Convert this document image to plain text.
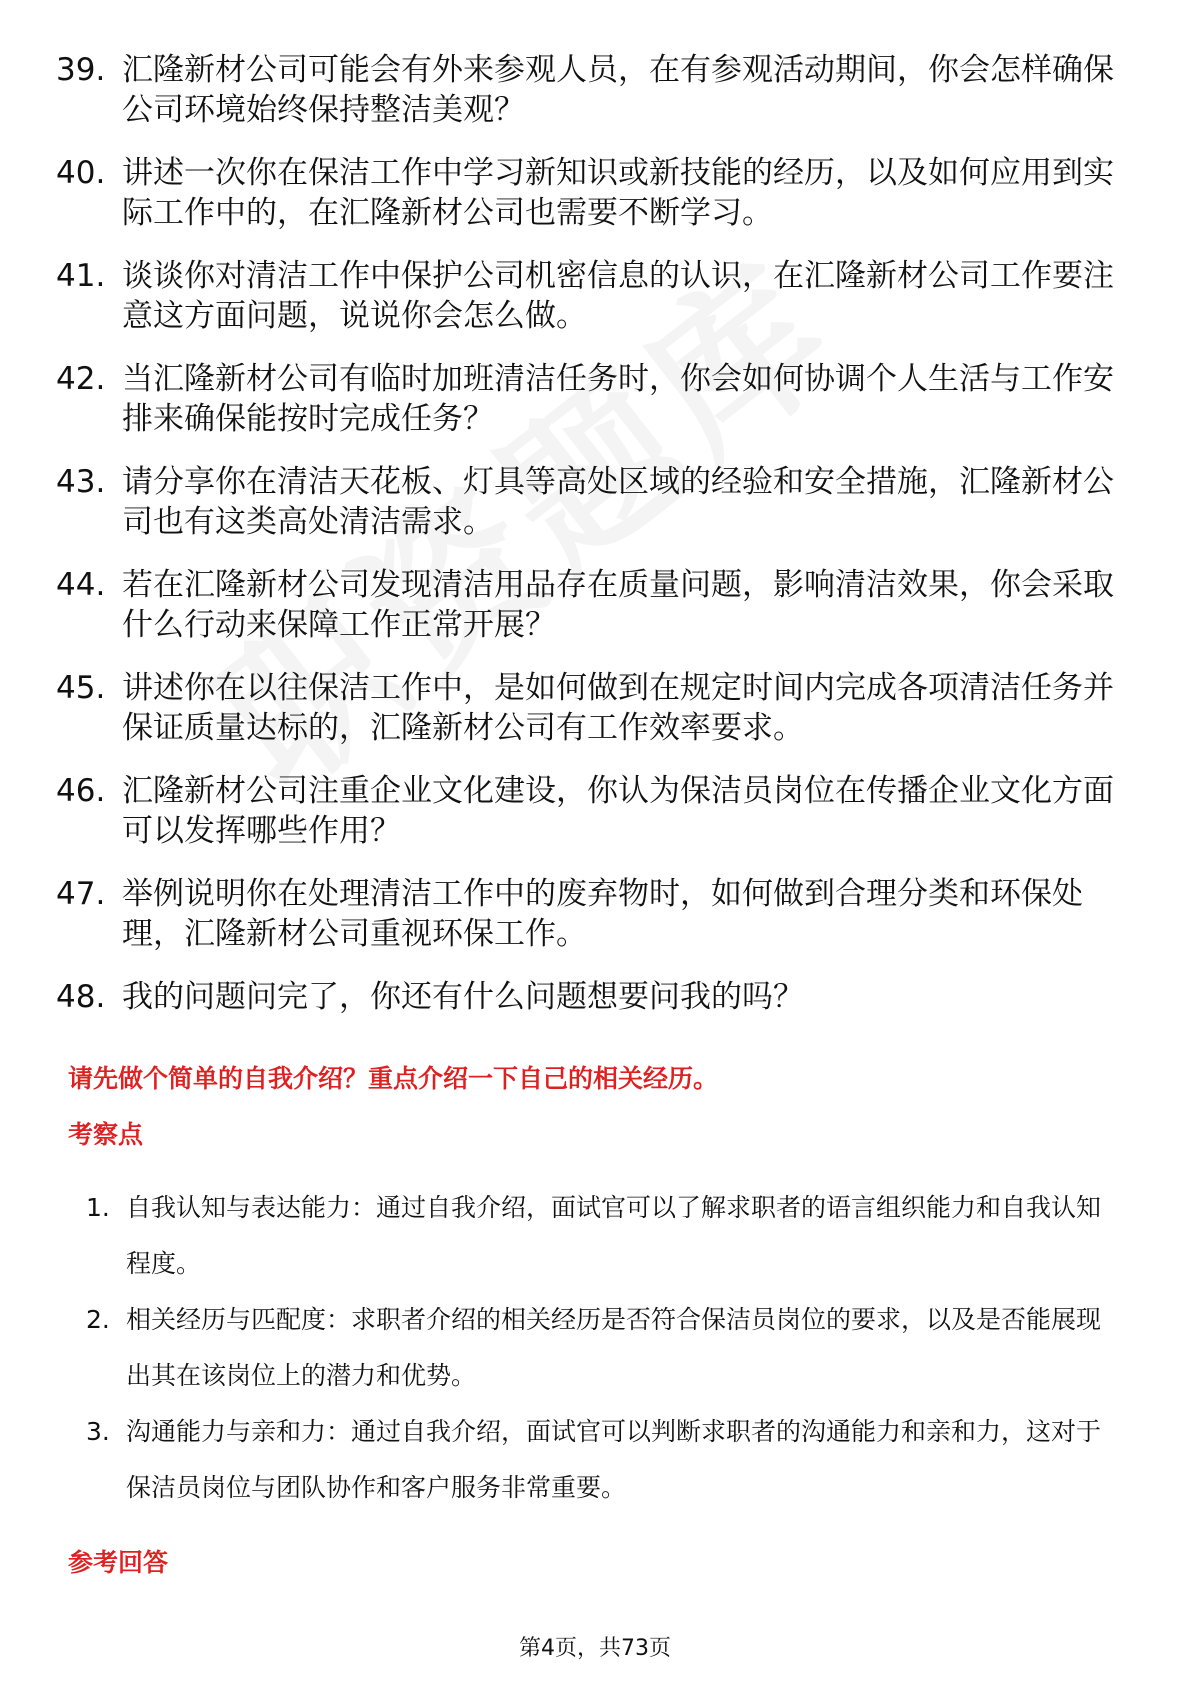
39. 汇隆新材公司可能会有外来参观人员，在有参观活动期间，你会怎样确保公司环境始终保持整洁美观？
40. 讲述一次你在保洁工作中学习新知识或新技能的经历，以及如何应用到实际工作中的，在汇隆新材公司也需要不断学习。
41. 谈谈你对清洁工作中保护公司机密信息的认识，在汇隆新材公司工作要注意这方面问题，说说你会怎么做。
42. 当汇隆新材公司有临时加班清洁任务时，你会如何协调个人生活与工作安排来确保能按时完成任务？
43. 请分享你在清洁天花板、灯具等高处区域的经验和安全措施，汇隆新材公司也有这类高处清洁需求。
44. 若在汇隆新材公司发现清洁用品存在质量问题，影响清洁效果，你会采取什么行动来保障工作正常开展？
45. 讲述你在以往保洁工作中，是如何做到在规定时间内完成各项清洁任务并保证质量达标的，汇隆新材公司有工作效率要求。
46. 汇隆新材公司注重企业文化建设，你认为保洁员岗位在传播企业文化方面可以发挥哪些作用？
47. 举例说明你在处理清洁工作中的废弃物时，如何做到合理分类和环保处理，汇隆新材公司重视环保工作。
48. 我的问题问完了，你还有什么问题想要问我的吗？
请先做个简单的自我介绍？重点介绍一下自己的相关经历。
考察点
1. 自我认知与表达能力：通过自我介绍，面试官可以了解求职者的语言组织能力和自我认知程度。
2. 相关经历与匹配度：求职者介绍的相关经历是否符合保洁员岗位的要求，以及是否能展现出其在该岗位上的潜力和优势。
3. 沟通能力与亲和力：通过自我介绍，面试官可以判断求职者的沟通能力和亲和力，这对于保洁员岗位与团队协作和客户服务非常重要。
参考回答
第4页，共73页
